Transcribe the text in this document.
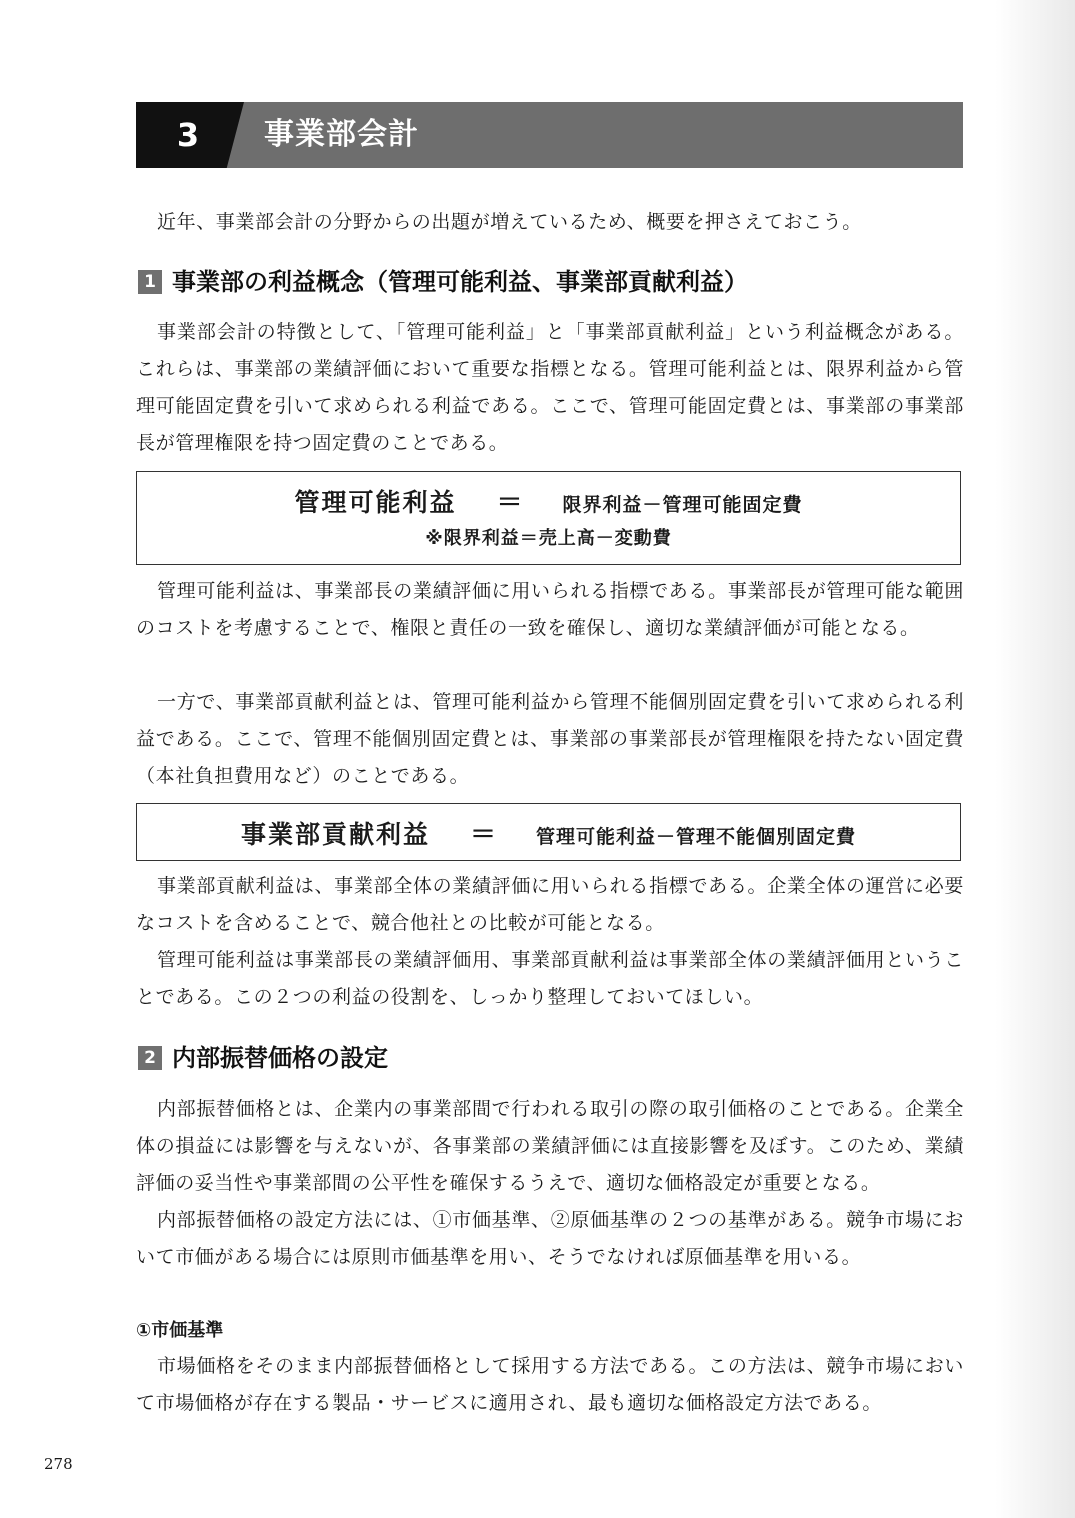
3	事業部会計

近年、事業部会計の分野からの出題が増えているため、概要を押さえておこう。

1 事業部の利益概念（管理可能利益、事業部貢献利益）

事業部会計の特徴として、「管理可能利益」と「事業部貢献利益」という利益概念がある。これらは、事業部の業績評価において重要な指標となる。管理可能利益とは、限界利益から管理可能固定費を引いて求められる利益である。ここで、管理可能固定費とは、事業部の事業部長が管理権限を持つ固定費のことである。

管理可能利益 ＝ 限界利益－管理可能固定費
※限界利益＝売上高－変動費

管理可能利益は、事業部長の業績評価に用いられる指標である。事業部長が管理可能な範囲のコストを考慮することで、権限と責任の一致を確保し、適切な業績評価が可能となる。

一方で、事業部貢献利益とは、管理可能利益から管理不能個別固定費を引いて求められる利益である。ここで、管理不能個別固定費とは、事業部の事業部長が管理権限を持たない固定費（本社負担費用など）のことである。

事業部貢献利益 ＝ 管理可能利益－管理不能個別固定費

事業部貢献利益は、事業部全体の業績評価に用いられる指標である。企業全体の運営に必要なコストを含めることで、競合他社との比較が可能となる。

管理可能利益は事業部長の業績評価用、事業部貢献利益は事業部全体の業績評価用ということである。この２つの利益の役割を、しっかり整理しておいてほしい。

2 内部振替価格の設定

内部振替価格とは、企業内の事業部間で行われる取引の際の取引価格のことである。企業全体の損益には影響を与えないが、各事業部の業績評価には直接影響を及ぼす。このため、業績評価の妥当性や事業部間の公平性を確保するうえで、適切な価格設定が重要となる。

内部振替価格の設定方法には、①市価基準、②原価基準の２つの基準がある。競争市場において市価がある場合には原則市価基準を用い、そうでなければ原価基準を用いる。

①市価基準

市場価格をそのまま内部振替価格として採用する方法である。この方法は、競争市場において市場価格が存在する製品・サービスに適用され、最も適切な価格設定方法である。

278
